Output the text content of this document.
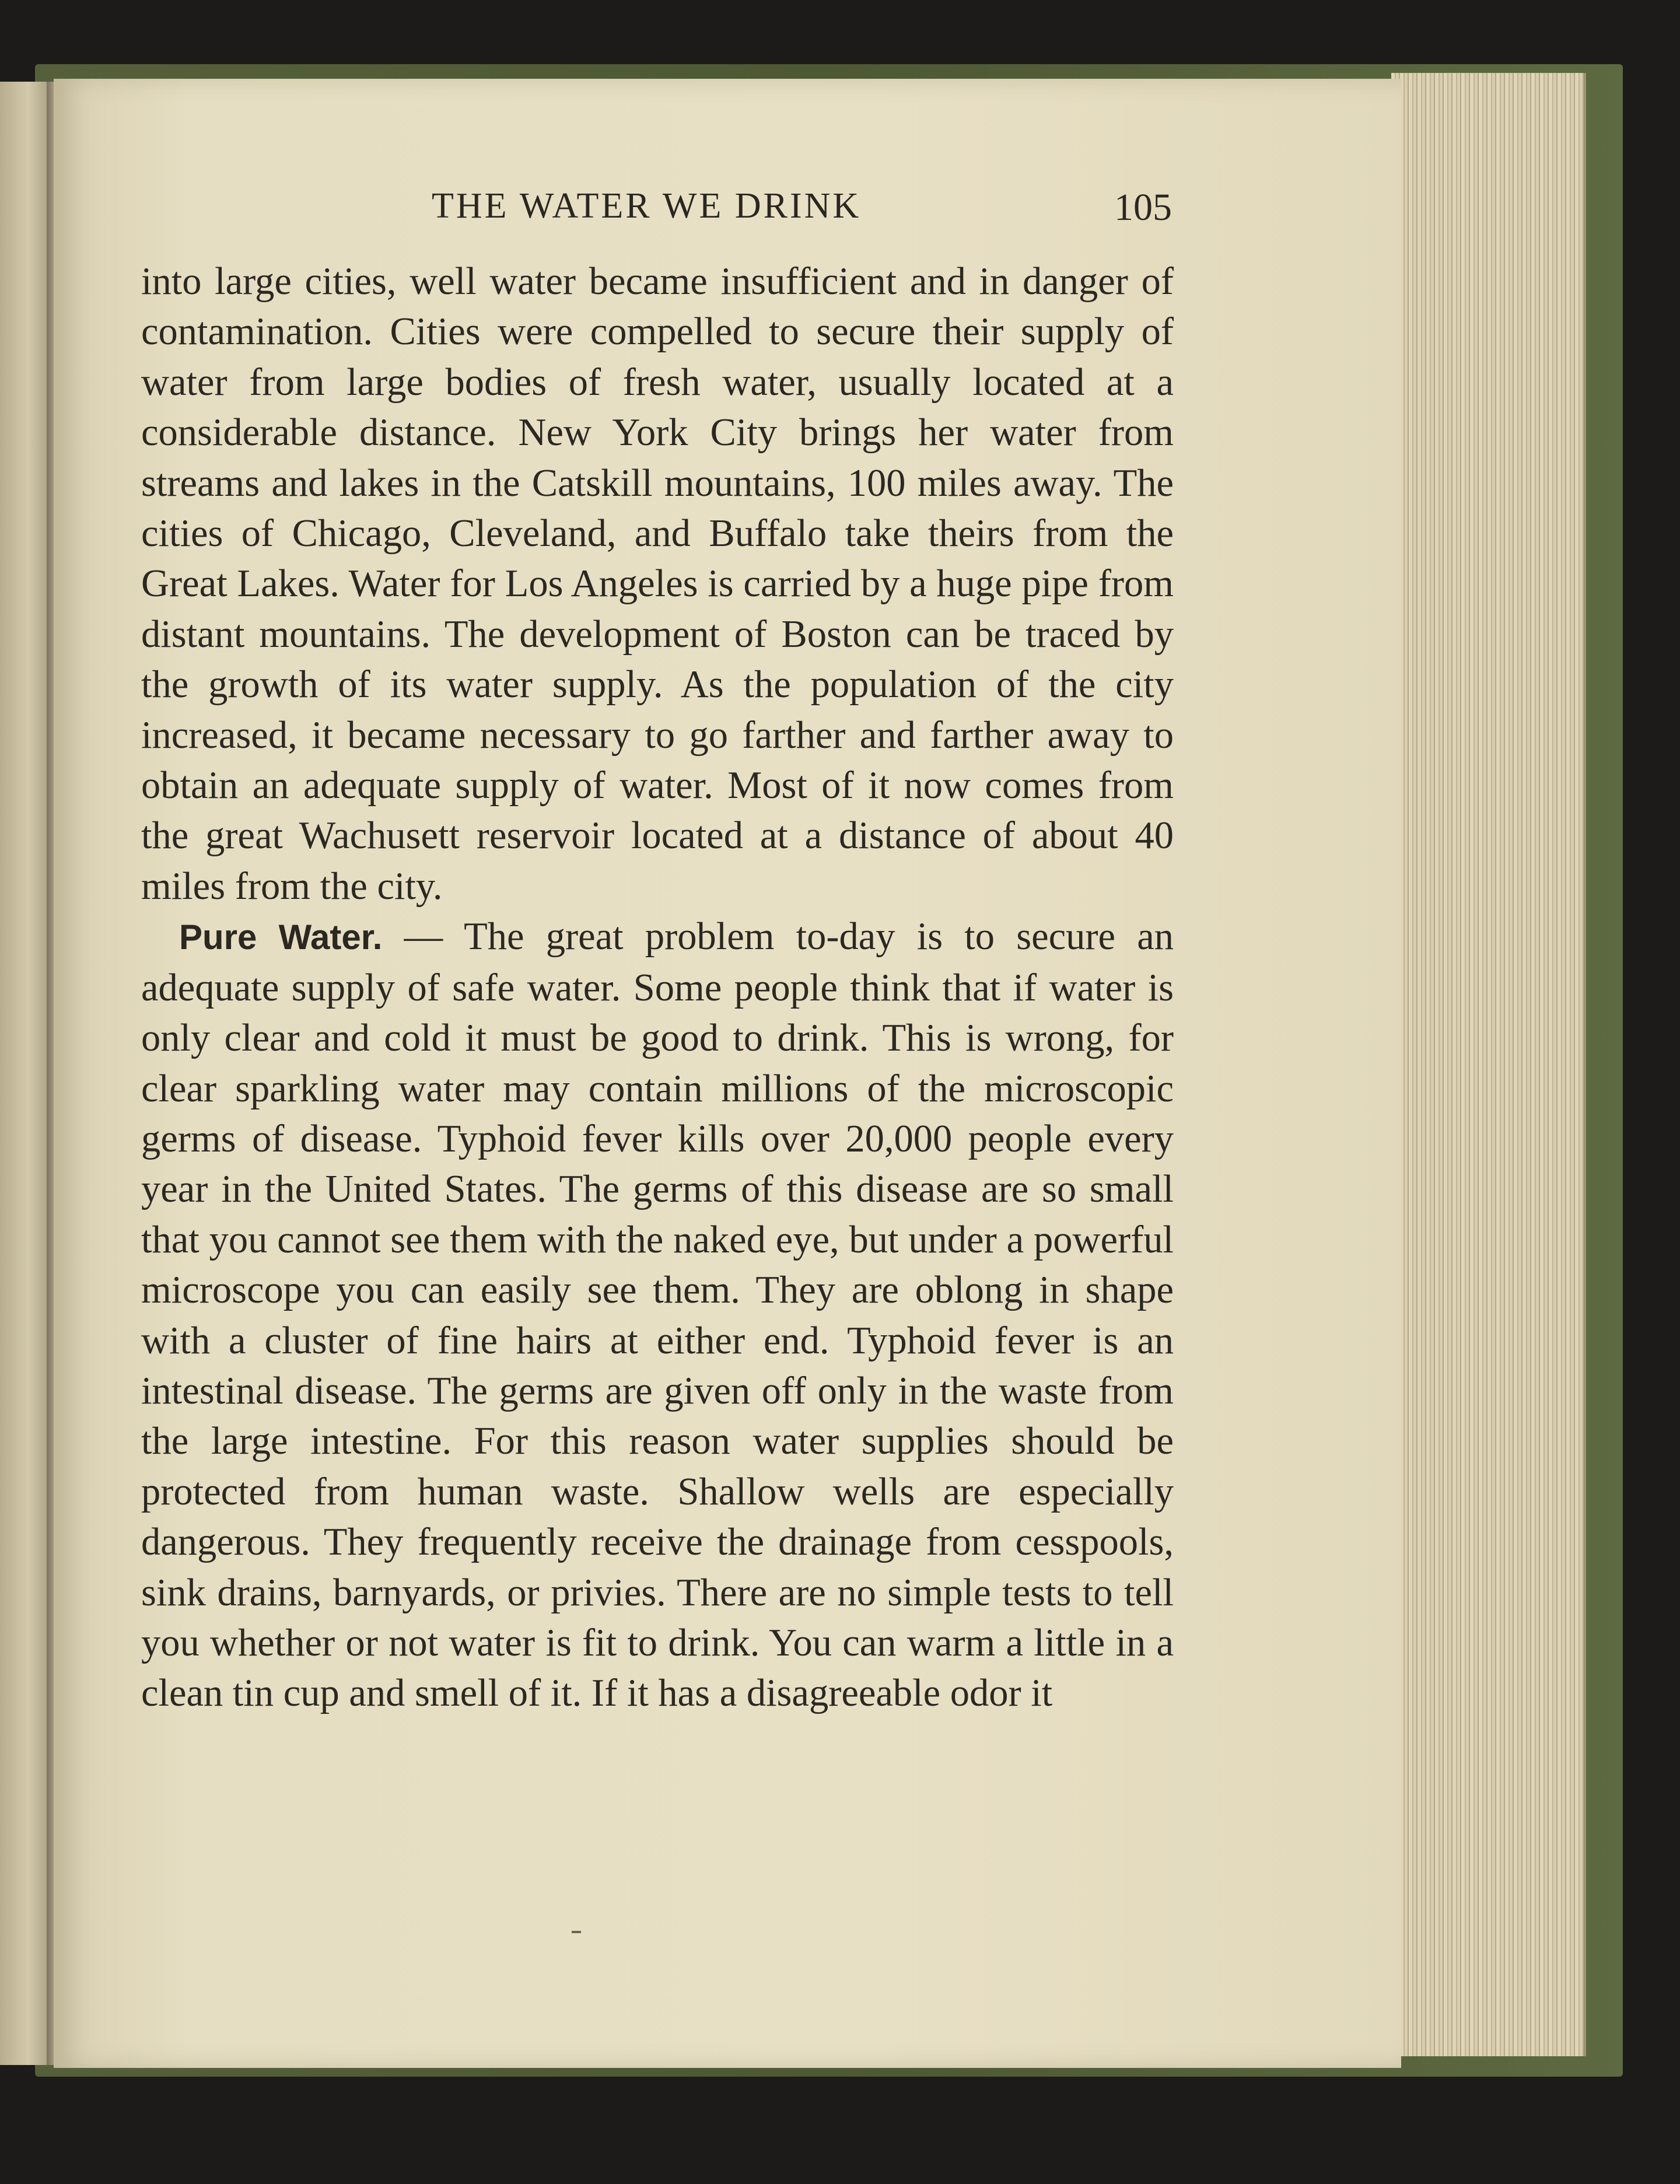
THE WATER WE DRINK	105

into large cities, well water became insufficient and in danger of contamination. Cities were compelled to secure their supply of water from large bodies of fresh water, usually located at a considerable distance. New York City brings her water from streams and lakes in the Catskill mountains, 100 miles away. The cities of Chicago, Cleveland, and Buffalo take theirs from the Great Lakes. Water for Los Angeles is carried by a huge pipe from distant mountains. The development of Boston can be traced by the growth of its water supply. As the population of the city increased, it became necessary to go farther and farther away to obtain an adequate supply of water. Most of it now comes from the great Wachusett reservoir located at a distance of about 40 miles from the city.

Pure Water. — The great problem to-day is to secure an adequate supply of safe water. Some people think that if water is only clear and cold it must be good to drink. This is wrong, for clear sparkling water may contain millions of the microscopic germs of disease. Typhoid fever kills over 20,000 people every year in the United States. The germs of this disease are so small that you cannot see them with the naked eye, but under a powerful microscope you can easily see them. They are oblong in shape with a cluster of fine hairs at either end. Typhoid fever is an intestinal disease. The germs are given off only in the waste from the large intestine. For this reason water supplies should be protected from human waste. Shallow wells are especially dangerous. They frequently receive the drainage from cesspools, sink drains, barnyards, or privies. There are no simple tests to tell you whether or not water is fit to drink. You can warm a little in a clean tin cup and smell of it. If it has a disagreeable odor it
